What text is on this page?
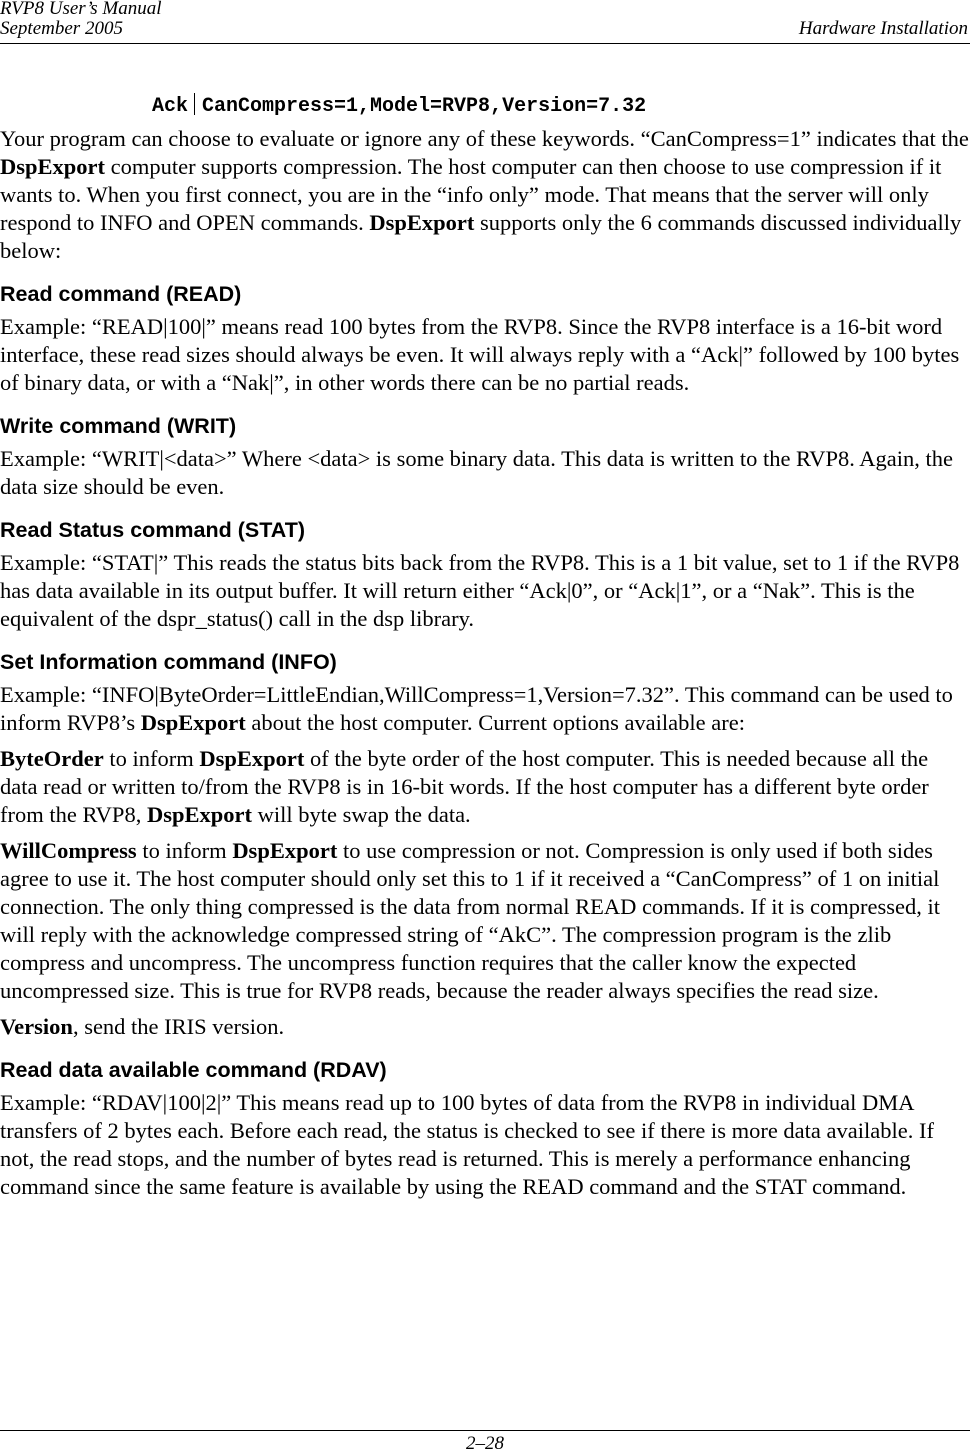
RVP8 User’s Manual
September 2005	Hardware Installation
Ack CanCompress=1,Model=RVP8,Version=7.32

Your program can choose to evaluate or ignore any of these keywords. “CanCompress=1” indicates that the DspExport computer supports compression. The host computer can then choose to use compression if it wants to. When you first connect, you are in the “info only” mode. That means that the server will only respond to INFO and OPEN commands. DspExport supports only the 6 commands discussed individually below:

Read command (READ)

Example: “READ|100|” means read 100 bytes from the RVP8. Since the RVP8 interface is a 16-bit word interface, these read sizes should always be even. It will always reply with a “Ack|” followed by 100 bytes of binary data, or with a “Nak|”, in other words there can be no partial reads.

Write command (WRIT)

Example: “WRIT|<data>” Where <data> is some binary data. This data is written to the RVP8. Again, the data size should be even.

Read Status command (STAT)

Example: “STAT|” This reads the status bits back from the RVP8. This is a 1 bit value, set to 1 if the RVP8 has data available in its output buffer. It will return either “Ack|0”, or “Ack|1”, or a “Nak”. This is the equivalent of the dspr_status() call in the dsp library.

Set Information command (INFO)

Example: “INFO|ByteOrder=LittleEndian,WillCompress=1,Version=7.32”. This command can be used to inform RVP8’s DspExport about the host computer. Current options available are:

ByteOrder to inform DspExport of the byte order of the host computer. This is needed because all the data read or written to/from the RVP8 is in 16-bit words. If the host computer has a different byte order from the RVP8, DspExport will byte swap the data.

WillCompress to inform DspExport to use compression or not. Compression is only used if both sides agree to use it. The host computer should only set this to 1 if it received a “CanCompress” of 1 on initial connection. The only thing compressed is the data from normal READ commands. If it is compressed, it will reply with the acknowledge compressed string of “AkC”. The compression program is the zlib compress and uncompress. The uncompress function requires that the caller know the expected uncompressed size. This is true for RVP8 reads, because the reader always specifies the read size.

Version, send the IRIS version.

Read data available command (RDAV)

Example: “RDAV|100|2|” This means read up to 100 bytes of data from the RVP8 in individual DMA transfers of 2 bytes each. Before each read, the status is checked to see if there is more data available. If not, the read stops, and the number of bytes read is returned. This is merely a performance enhancing command since the same feature is available by using the READ command and the STAT command.

2–28
